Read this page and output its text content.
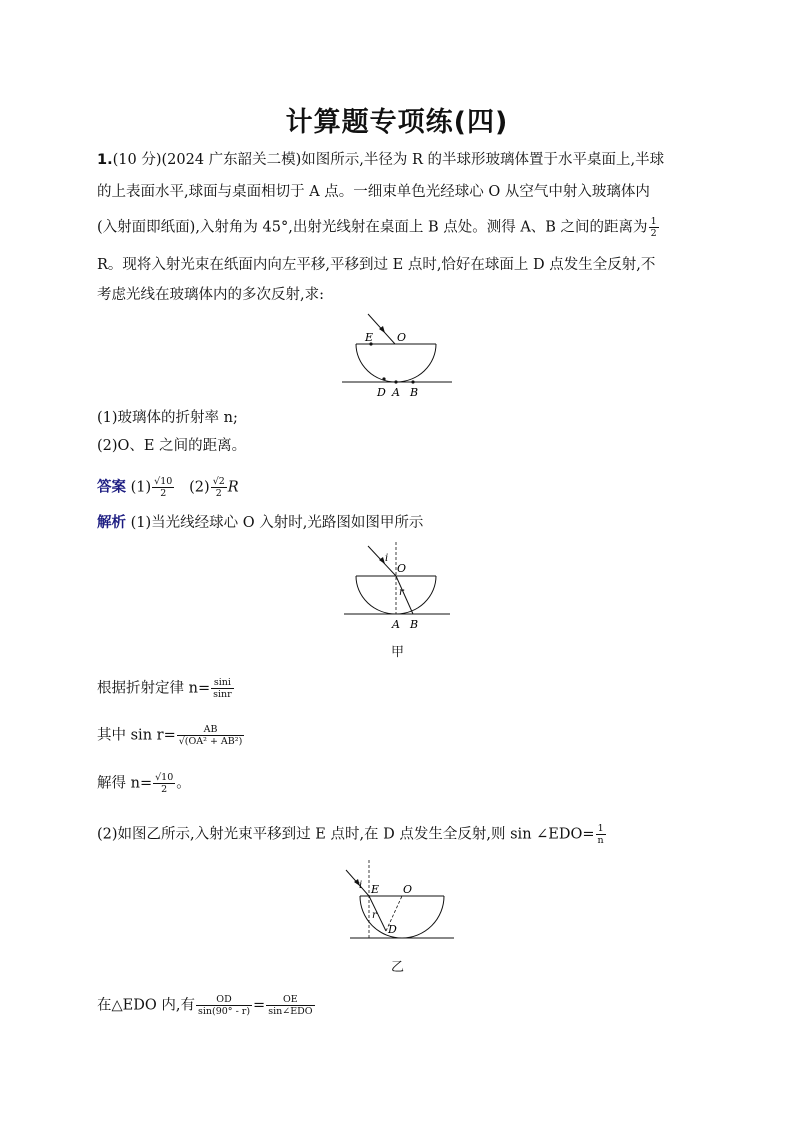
计算题专项练(四)
1.(10 分)(2024 广东韶关二模)如图所示,半径为 R 的半球形玻璃体置于水平桌面上,半球
的上表面水平,球面与桌面相切于 A 点。一细束单色光经球心 O 从空气中射入玻璃体内
(入射面即纸面),入射角为 45°,出射光线射在桌面上 B 点处。测得 A、B 之间的距离为 $\frac{1}{2}$
R。现将入射光束在纸面内向左平移,平移到过 E 点时,恰好在球面上 D 点发生全反射,不
考虑光线在玻璃体内的多次反射,求:
E O
D A B
(1)玻璃体的折射率 n;
(2)O、E 之间的距离。
答案 $(1) \frac{√10}{2} (2) \frac{√2}{2}$ R
解析 (1)当光线经球心 O 入射时,光路图如图甲所示
i
O
r
A B
甲
根据折射定律 $n= \frac{\sin i}{\sin r}$
其中 $\sin r= \frac{AB}{\text{√(OA² + AB²)}}$
解得 $n= \frac{√10}{2}$ 。
(2)如图乙所示,入射光束平移到过 E 点时,在 D 点发生全反射,则 sin ∠EDO= $\frac{1}{n}$
i E O
r
D
乙
在△EDO 内,有 $\frac{OD}{\sin(90^\circ - r)} = \frac{OE}{\text{sin∠EDO}}$
